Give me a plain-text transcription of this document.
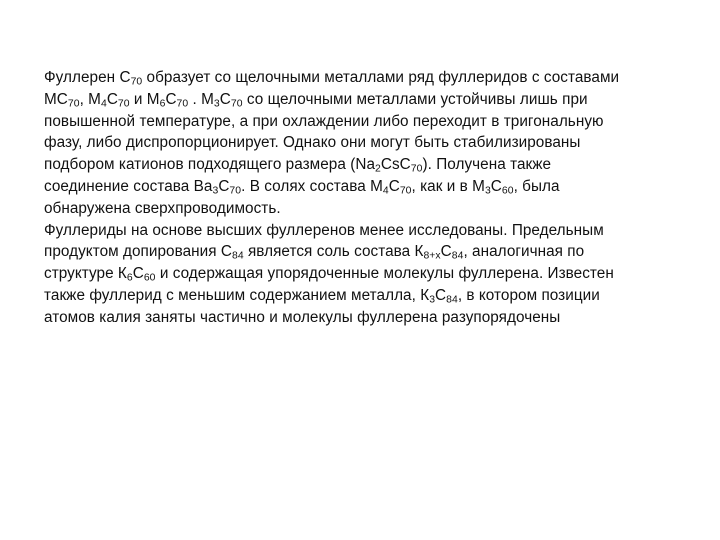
Фуллерен $С_{70}$ образует со щелочными металлами ряд фуллеридов с составами
$МС_{70}$, $М_4С_{70}$ и $М_6С_{70}$ . $М_3С_{70}$ со щелочными металлами устойчивы лишь при
повышенной температуре, а при охлаждении либо переходит в тригональную
фазу, либо диспропорционирует. Однако они могут быть стабилизированы
подбором катионов подходящего размера $(Na_2CsC_{70})$. Получена также
соединение состава $Ва_3С_{70}$. В солях состава $М_4С_{70}$, как и в $М_3С_{60}$, была
обнаружена сверхпроводимость.
Фуллериды на основе высших фуллеренов менее исследованы. Предельным
продуктом допирования $С_{84}$ является соль состава $К_{8+x}С_{84}$, аналогичная по
структуре $К_6С_{60}$ и содержащая упорядоченные молекулы фуллерена. Известен
также фуллерид с меньшим содержанием металла, $К_3С_{84}$, в котором позиции
атомов калия заняты частично и молекулы фуллерена разупорядочены
